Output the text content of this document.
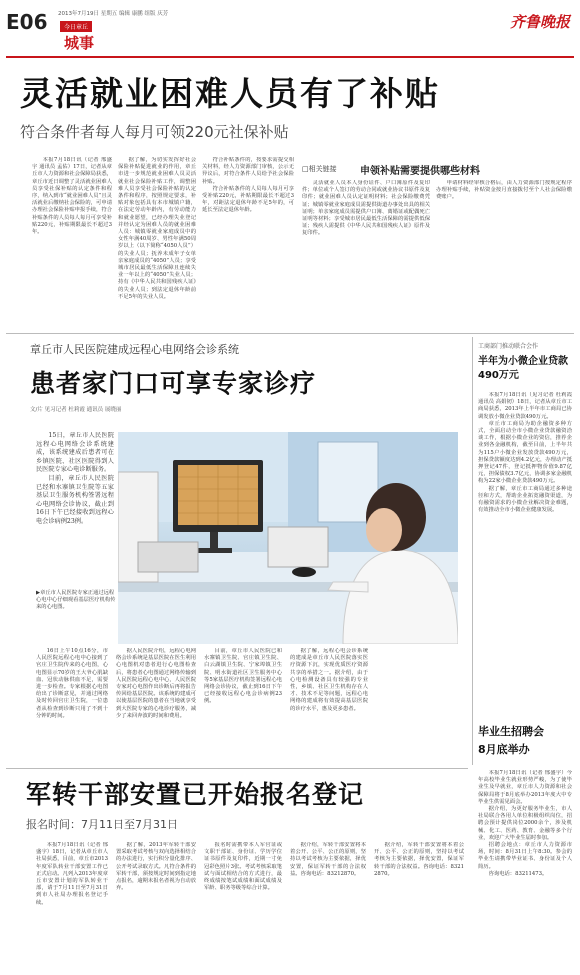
E06 2013年7月19日 星期五 编辑 康鹏 组版 庆芳
今日章丘
城事
齐鲁晚报
灵活就业困难人员有了补贴
符合条件者每人每月可领220元社保补贴

本报7月18日讯（记者 邢盛宇 通讯员 孟佑）17日，记者从章丘市人力资源和社会保障局获悉，章丘市近日调整了灵活就业困难人员享受社保补贴的认定条件和程序，纳入到市“就业困难人员”且灵活就业后缴纳社会保险的，可申请办理社会保险补贴申报手续，符合补贴条件的人员每人每月可享受补贴220元，补贴期限最长不超过3年。

据了解，为切实发挥好社会保险补贴促进就业的作用，章丘市进一步规范就业困难人员灵活就业社会保险补贴工作，调整困难人员享受社会保险补贴的认定条件和程序，按照规定要求，补贴对象包括具有本市城镇户籍，在法定劳动年龄内，有劳动能力和就业愿望，已经办理失业登记并经认定为困难人员的就业困难人员：城镇零就业家庭成员中的女性年满40周岁、男性年满50周岁以上（以下简称“4050人员”）的失业人员；抚养未成年子女单亲家庭成员的“4050”人员；享受城市居民最低生活保障且连续失业一年以上的“4050”失业人员；持有《中华人民共和国残疾人证》的失业人员；到法定退休年龄前不足5年的失业人员。

符合补贴条件的，按要求需提交相关材料，经人力资源部门审核，公示无异议后，对符合条件人员给予社会保险补贴。

符合补贴条件的人员每人每月可享受补贴220元，补贴期限最长不超过3年，对距法定退休年龄不足5年的，可延长至法定退休年龄。

□相关链接 申领补贴需要提供哪些材料

灵活就业人员本人身份证件、户口簿原件及复印件；单位或个人签订的劳动合同或就业协议书原件及复印件；就业困难人员认定证明材料；社会保险缴费凭证；城镇零就业家庭成员需提供街道办事处出具的相关证明；单亲家庭成员需提供户口簿、离婚证或配偶死亡证明等材料；享受城市居民最低生活保障的需提供低保证；残疾人需提供《中华人民共和国残疾人证》原件及复印件。

申请材料经审核合格后，由人力资源部门按规定程序办理补贴手续，补贴资金按月直接拨付至个人社会保险缴费账户。

章丘市人民医院建成远程心电网络会诊系统
患者家门口可享专家诊疗
文/片 见习记者 杜莉霞 通讯员 展晓丽

15日，章丘市人民医院远程心电网络会诊系统建成，该系统建成后患者可在乡镇医院、社区医院得到人民医院专家心电诊断服务。

目前，章丘市人民医院已经和水寨镇卫生院等五家基层卫生服务机构签署远程心电网络会诊协议，截止到16日下午已经接收到远程心电会诊病例23例。

▶章丘市人民医院专家正通过远程心电中心仔细观看基层医疗机构传来的心电图。

16日上午10点16分，市人民医院远程心电中心接到了官庄卫生院传来的心电图，心电图显示70岁的王大爷心肌缺血、冠状动脉供血不足，需要进一步检查。专家根据心电图给出了诊断意见，并通过网络及时传回官庄卫生院，一位患者从检查到诊断只用了不到十分钟的时间。

据人民医院介绍，远程心电网络会诊系统是基层医院在医生利用心电图机对患者进行心电图检查后，将患者心电图通过网络传输到人民医院远程心电中心，人民医院专家对心电图作出诊断后再将报告传回给基层医院。该系统的建成可以使基层医院的患者在当地就享受到大医院专家的心电诊疗服务，减少了来回奔波的时间和费用。

目前，章丘市人民医院已和水寨镇卫生院、官庄镇卫生院、白云湖镇卫生院、宁家埠镇卫生院、明水街道社区卫生服务中心等5家基层医疗机构签署远程心电网络会诊协议，截止到16日下午已经接收远程心电会诊病例23例。

据了解，远程心电会诊系统的建成是章丘市人民医院落实医疗资源下沉，实现优质医疗资源共享的举措之一。据介绍，由于心电检测设备具有较强的专业性，乡镇、社区卫生机构存在人才、技术不足等问题，远程心电网络的建成将有效提高基层医院的诊疗水平，惠及更多患者。

工商部门推动联合会作
半年为小微企业贷款490万元

本报7月18日讯（见习记者 杜莉霞 通讯员 高娟韧）18日，记者从章丘市工商局获悉，2013年上半年市工商局已协调发放小微企业贷款490万元。

章丘市工商局为助企融资多种方式，全面启动全市小微企业贷款融资洽谈工作，根据小微企业的资信，推荐企业到各金融机构，截至目前，上半年共为115户小微企业发放贷款490万元，担保贷款额度达到4.2亿元，办理动产抵押登记47件，登记抵押物价值9.87亿元，担保债权3.7亿元，协调多家金融机构为22家小微企业贷款490万元。

据了解，章丘市工商局通过多种途径和方式，帮助企业拓宽融资渠道，为有融资需求的小微企业解决资金难题，有效推动全市小微企业健康发展。

毕业生招聘会
8月底举办

本报7月18日讯（记者 邢盛宇）今年高校毕业生就业形势严峻，为了使毕业生及早就业，章丘市人力资源和社会保障局将于8月底举办2013年度大中专毕业生供需见面会。

据介绍，为更好服务毕业生，市人社局联合各用人单位积极组织岗位，招聘会预计提供岗位2000余个，涉及机械、化工、医药、教育、金融等多个行业，欢迎广大毕业生届时参加。

招聘会地点：章丘市人力资源市场，时间：8月31日上午8:30。参会的毕业生请携带毕业证书、身份证及个人简历。

咨询电话：83211473。

军转干部安置已开始报名登记
报名时间：7月11日至7月31日

本报7月18日讯（记者 邢盛宇）18日，记者从章丘市人社局获悉，目前，章丘市2013年度军队转业干部安置工作已正式启动。凡列入2013年度章丘市安置计划的军队转业干部，请于7月11日至7月31日到市人社局办理报名登记手续。

据了解，2013年军转干部安置采取考试考核与双向选择相结合的办法进行，实行积分量化排序、公开考试录取方式。凡符合条件的军转干部，须按规定时间到指定地点报名，逾期未报名者视为自动放弃。

报名时需携带本人军官证或文职干部证、身份证、学历学位证书原件及复印件，近期一寸免冠彩色照片3张。考试考核采取笔试与面试相结合的方式进行，最终成绩按笔试成绩和面试成绩及军龄、职务等级等综合计算。

据介绍，军转干部安置将本着公开、公平、公正的原则，坚持以考试考核为主要依据，择优安置，保证军转干部的合法权益。咨询电话：83212870。

据介绍，军转干部安置将本着公开、公平、公正的原则，坚持以考试考核为主要依据，择优安置，保证军转干部的合法权益。咨询电话：83212870。
